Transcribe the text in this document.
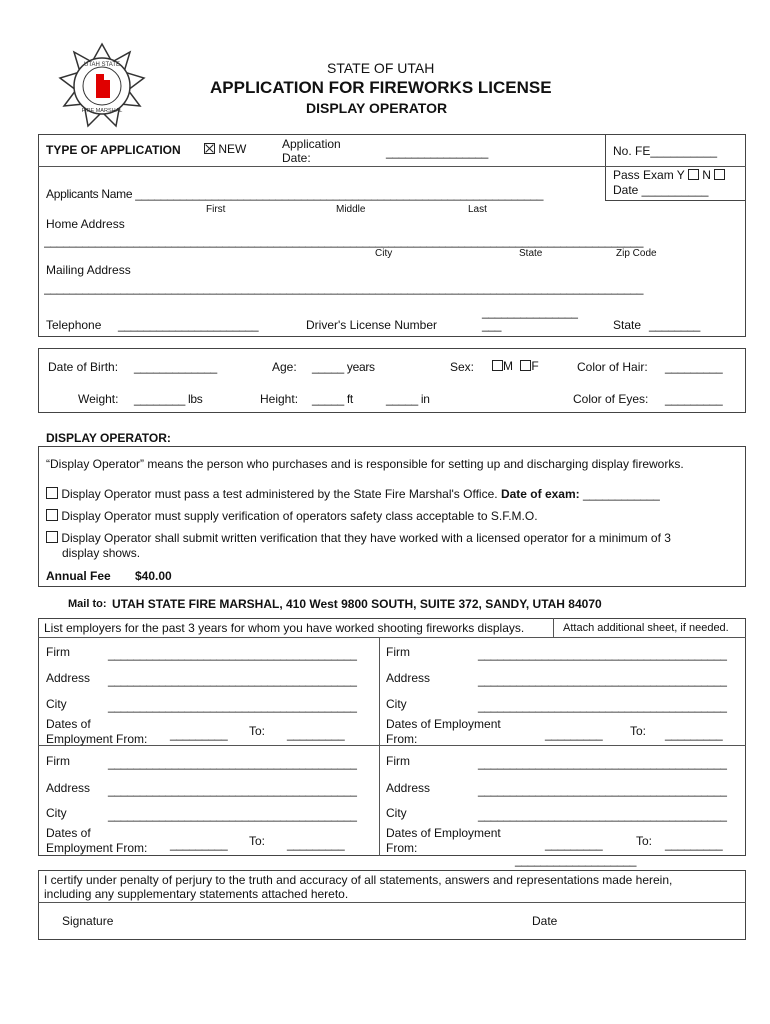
UTAH STATE
FIRE MARSHAL
STATE OF UTAH
APPLICATION FOR FIREWORKS LICENSE
DISPLAY OPERATOR
TYPE OF APPLICATION	NEW	Application
Date:	________________	No. FE__________
Pass Exam Y N
Date __________
Applicants Name ________________________________________________________________
First	Middle	Last
Home Address
______________________________________________________________________________________________
City	State	Zip Code
Mailing Address
______________________________________________________________________________________________
_______________
Telephone ______________________	Driver's License Number	___	State ________
Date of Birth: _____________	Age: _____ years	Sex:	M F	Color of Hair: _________
Weight: ________ lbs	Height: _____ ft	_____ in	Color of Eyes: _________
DISPLAY OPERATOR:
“Display Operator” means the person who purchases and is responsible for setting up and discharging display fireworks.
Display Operator must pass a test administered by the State Fire Marshal's Office. Date of exam: ____________
Display Operator must supply verification of operators safety class acceptable to S.F.M.O.
Display Operator shall submit written verification that they have worked with a licensed operator for a minimum of 3
display shows.
Annual Fee $40.00
Mail to: UTAH STATE FIRE MARSHAL, 410 West 9800 SOUTH, SUITE 372, SANDY, UTAH 84070
List employers for the past 3 years for whom you have worked shooting fireworks displays.	Attach additional sheet, if needed.
Firm	_______________________________________
Address _______________________________________
City	_______________________________________
Dates of
Employment From: _________ To: _________
Firm	_______________________________________
Address	_______________________________________
City	_______________________________________
Dates of Employment
From:	_________ To: _________
Firm	_______________________________________
Address _______________________________________
City	_______________________________________
Dates of
Employment From: _________ To: _________
Firm	_______________________________________
Address	_______________________________________
City	_______________________________________
Dates of Employment
From:	_________	To: _________
___________________
I certify under penalty of perjury to the truth and accuracy of all statements, answers and representations made herein,
including any supplementary statements attached hereto.
Signature	Date
